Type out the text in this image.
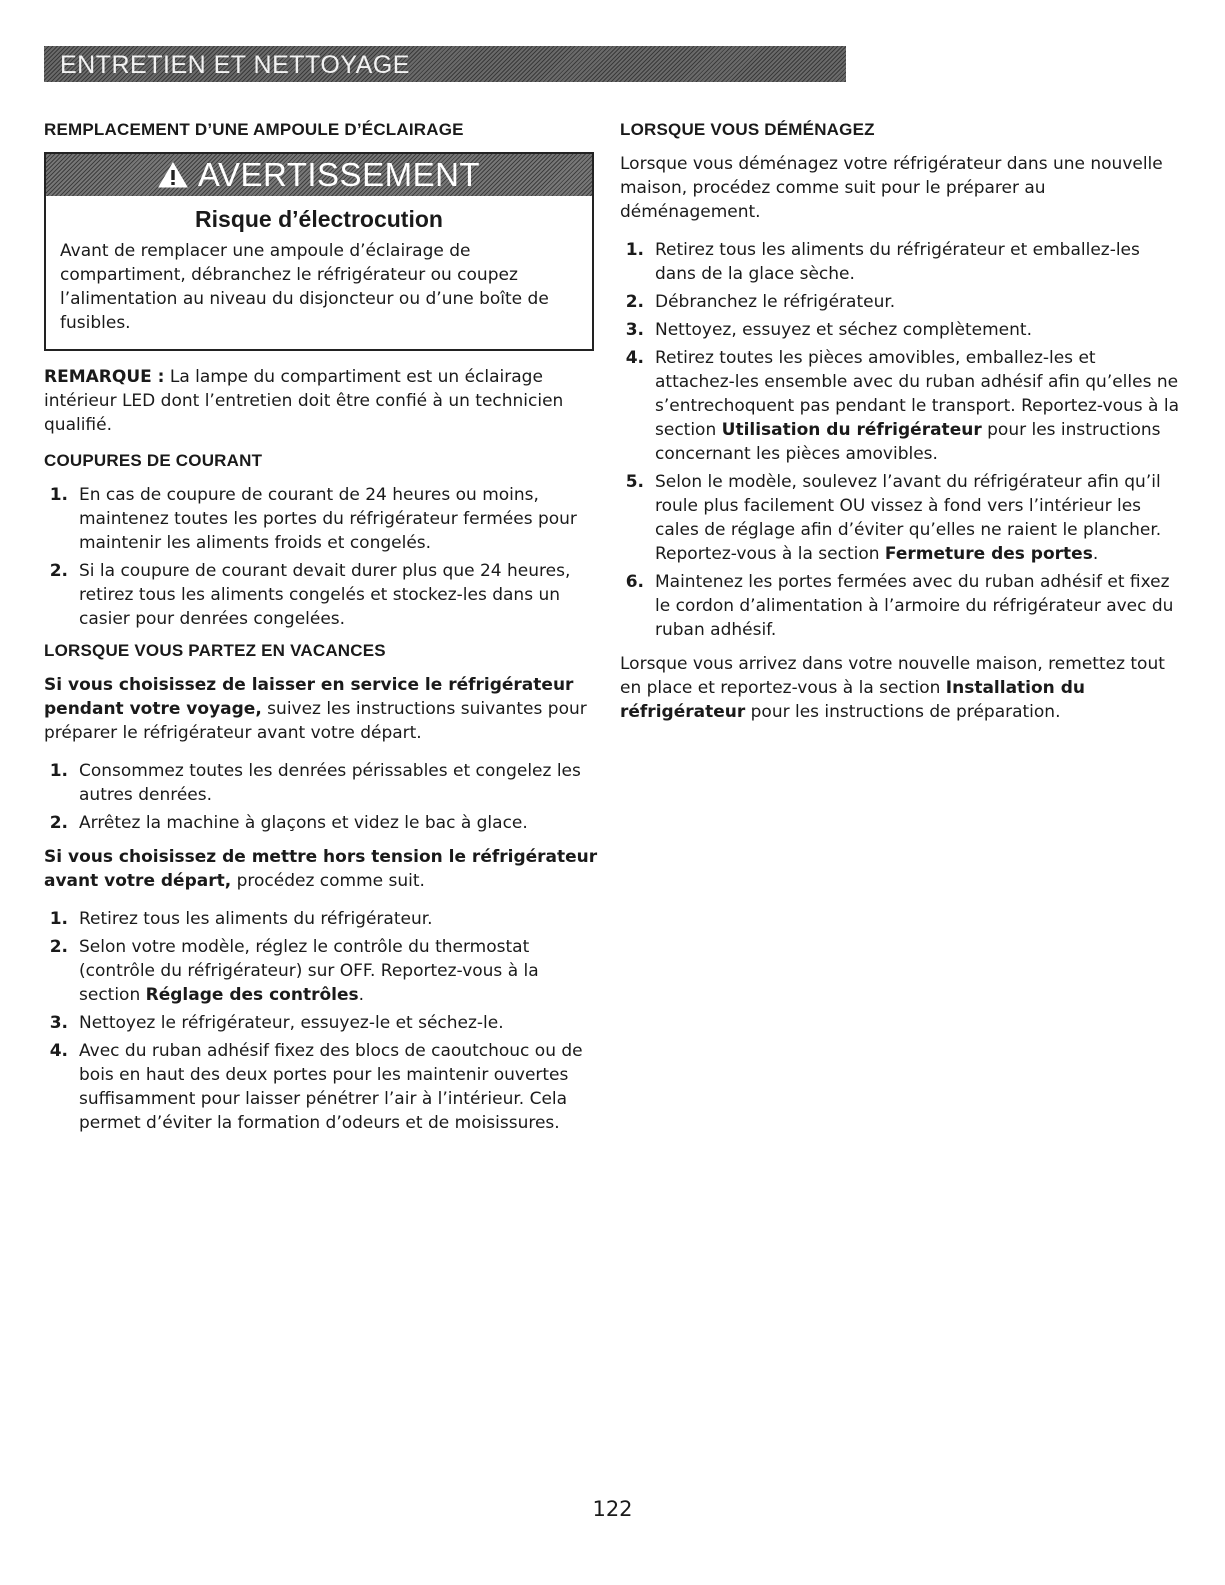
ENTRETIEN ET NETTOYAGE
REMPLACEMENT D’UNE AMPOULE D’ÉCLAIRAGE
AVERTISSEMENT
Risque d’électrocution

Avant de remplacer une ampoule d’éclairage de compartiment, débranchez le réfrigérateur ou coupez l’alimentation au niveau du disjoncteur ou d’une boîte de fusibles.

REMARQUE : La lampe du compartiment est un éclairage intérieur LED dont l’entretien doit être confié à un technicien qualifié.

COUPURES DE COURANT
1. En cas de coupure de courant de 24 heures ou moins, maintenez toutes les portes du réfrigérateur fermées pour maintenir les aliments froids et congelés.
2. Si la coupure de courant devait durer plus que 24 heures, retirez tous les aliments congelés et stockez-les dans un casier pour denrées congelées.
LORSQUE VOUS PARTEZ EN VACANCES

Si vous choisissez de laisser en service le réfrigérateur pendant votre voyage, suivez les instructions suivantes pour préparer le réfrigérateur avant votre départ.

1. Consommez toutes les denrées périssables et congelez les autres denrées.
2. Arrêtez la machine à glaçons et videz le bac à glace.

Si vous choisissez de mettre hors tension le réfrigérateur avant votre départ, procédez comme suit.

1. Retirez tous les aliments du réfrigérateur.
2. Selon votre modèle, réglez le contrôle du thermostat (contrôle du réfrigérateur) sur OFF. Reportez-vous à la section Réglage des contrôles.
3. Nettoyez le réfrigérateur, essuyez-le et séchez-le.
4. Avec du ruban adhésif fixez des blocs de caoutchouc ou de bois en haut des deux portes pour les maintenir ouvertes suffisamment pour laisser pénétrer l’air à l’intérieur. Cela permet d’éviter la formation d’odeurs et de moisissures.
LORSQUE VOUS DÉMÉNAGEZ

Lorsque vous déménagez votre réfrigérateur dans une nouvelle maison, procédez comme suit pour le préparer au déménagement.

1. Retirez tous les aliments du réfrigérateur et emballez-les dans de la glace sèche.
2. Débranchez le réfrigérateur.
3. Nettoyez, essuyez et séchez complètement.
4. Retirez toutes les pièces amovibles, emballez-les et attachez-les ensemble avec du ruban adhésif afin qu’elles ne s’entrechoquent pas pendant le transport. Reportez-vous à la section Utilisation du réfrigérateur pour les instructions concernant les pièces amovibles.
5. Selon le modèle, soulevez l’avant du réfrigérateur afin qu’il roule plus facilement OU vissez à fond vers l’intérieur les cales de réglage afin d’éviter qu’elles ne raient le plancher. Reportez-vous à la section Fermeture des portes.
6. Maintenez les portes fermées avec du ruban adhésif et fixez le cordon d’alimentation à l’armoire du réfrigérateur avec du ruban adhésif.

Lorsque vous arrivez dans votre nouvelle maison, remettez tout en place et reportez-vous à la section Installation du réfrigérateur pour les instructions de préparation.

122
